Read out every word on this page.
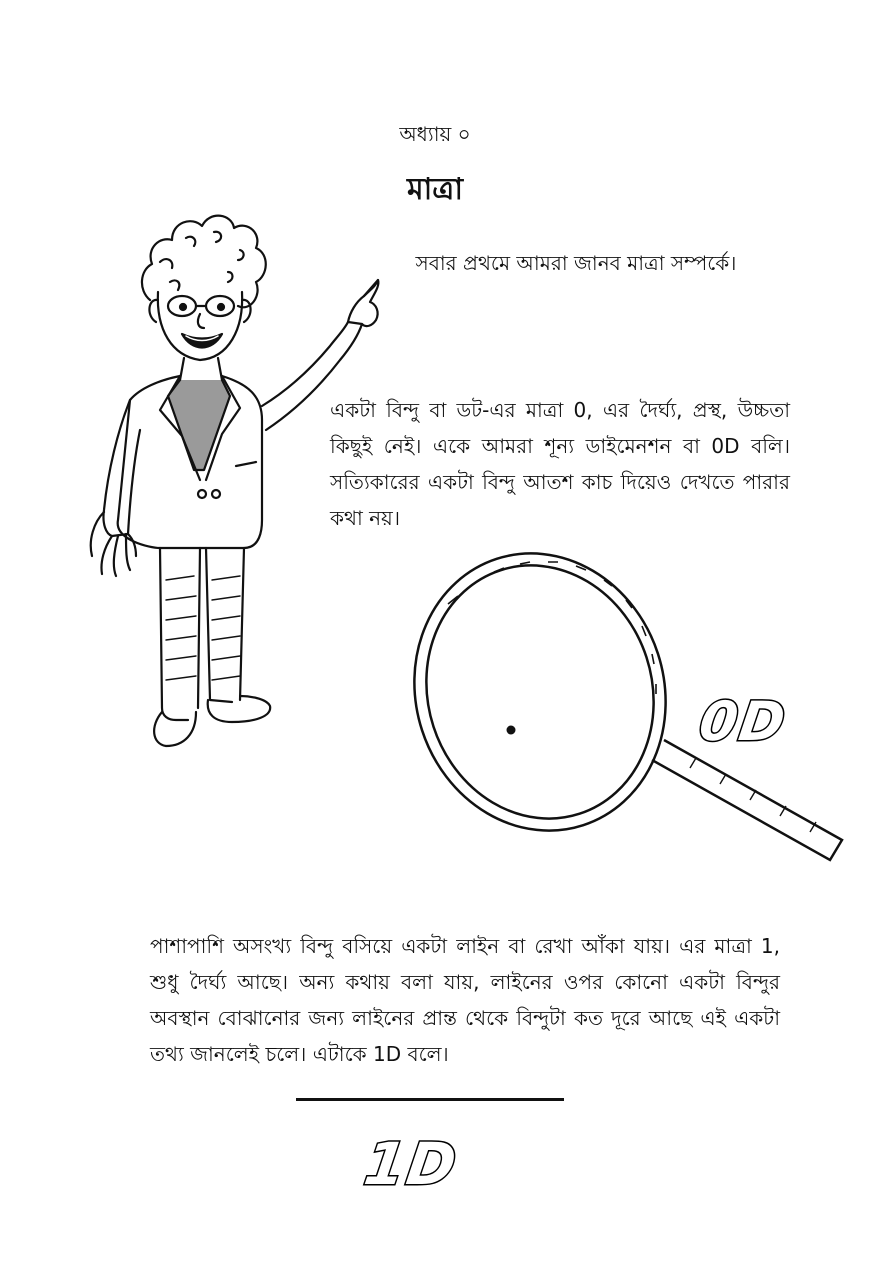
অধ্যায় ০
মাত্রা
সবার প্রথমে আমরা জানব মাত্রা সম্পর্কে।
একটা বিন্দু বা ডট-এর মাত্রা 0, এর দৈর্ঘ্য, প্রস্থ, উচ্চতা কিছুই নেই। একে আমরা শূন্য ডাইমেনশন বা 0D বলি। সত্যিকারের একটা বিন্দু আতশ কাচ দিয়েও দেখতে পারার কথা নয়।
0D
পাশাপাশি অসংখ্য বিন্দু বসিয়ে একটা লাইন বা রেখা আঁকা যায়। এর মাত্রা 1, শুধু দৈর্ঘ্য আছে। অন্য কথায় বলা যায়, লাইনের ওপর কোনো একটা বিন্দুর অবস্থান বোঝানোর জন্য লাইনের প্রান্ত থেকে বিন্দুটা কত দূরে আছে এই একটা তথ্য জানলেই চলে। এটাকে 1D বলে।
1D
